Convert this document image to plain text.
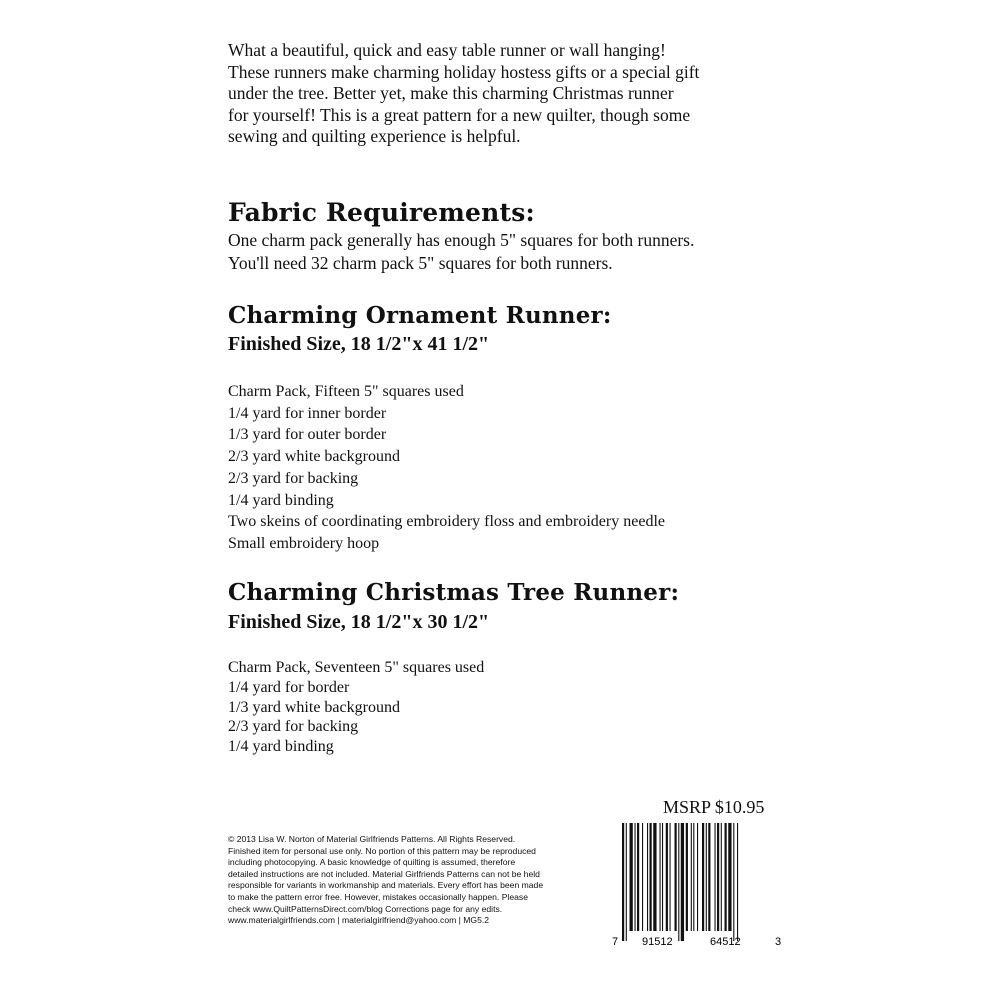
What a beautiful, quick and easy table runner or wall hanging!
These runners make charming holiday hostess gifts or a special gift
under the tree. Better yet, make this charming Christmas runner
for yourself! This is a great pattern for a new quilter, though some
sewing and quilting experience is helpful.
Fabric Requirements:
One charm pack generally has enough 5" squares for both runners.
You'll need 32 charm pack 5" squares for both runners.
Charming Ornament Runner:
Finished Size, 18 1/2"x 41 1/2"
Charm Pack, Fifteen 5" squares used
1/4 yard for inner border
1/3 yard for outer border
2/3 yard white background
2/3 yard for backing
1/4 yard binding
Two skeins of coordinating embroidery floss and embroidery needle
Small embroidery hoop
Charming Christmas Tree Runner:
Finished Size, 18 1/2"x 30 1/2"
Charm Pack, Seventeen 5" squares used
1/4 yard for border
1/3 yard white background
2/3 yard for backing
1/4 yard binding
© 2013 Lisa W. Norton of Material Girlfriends Patterns. All Rights Reserved.
Finished item for personal use only. No portion of this pattern may be reproduced
including photocopying. A basic knowledge of quilting is assumed, therefore
detailed instructions are not included. Material Girlfriends Patterns can not be held
responsible for variants in workmanship and materials. Every effort has been made
to make the pattern error free. However, mistakes occasionally happen. Please
check www.QuiltPatternsDirect.com/blog Corrections page for any edits.
www.materialgirlfriends.com | materialgirlfriend@yahoo.com | MG5.2
MSRP $10.95
7 91512	64512	3
